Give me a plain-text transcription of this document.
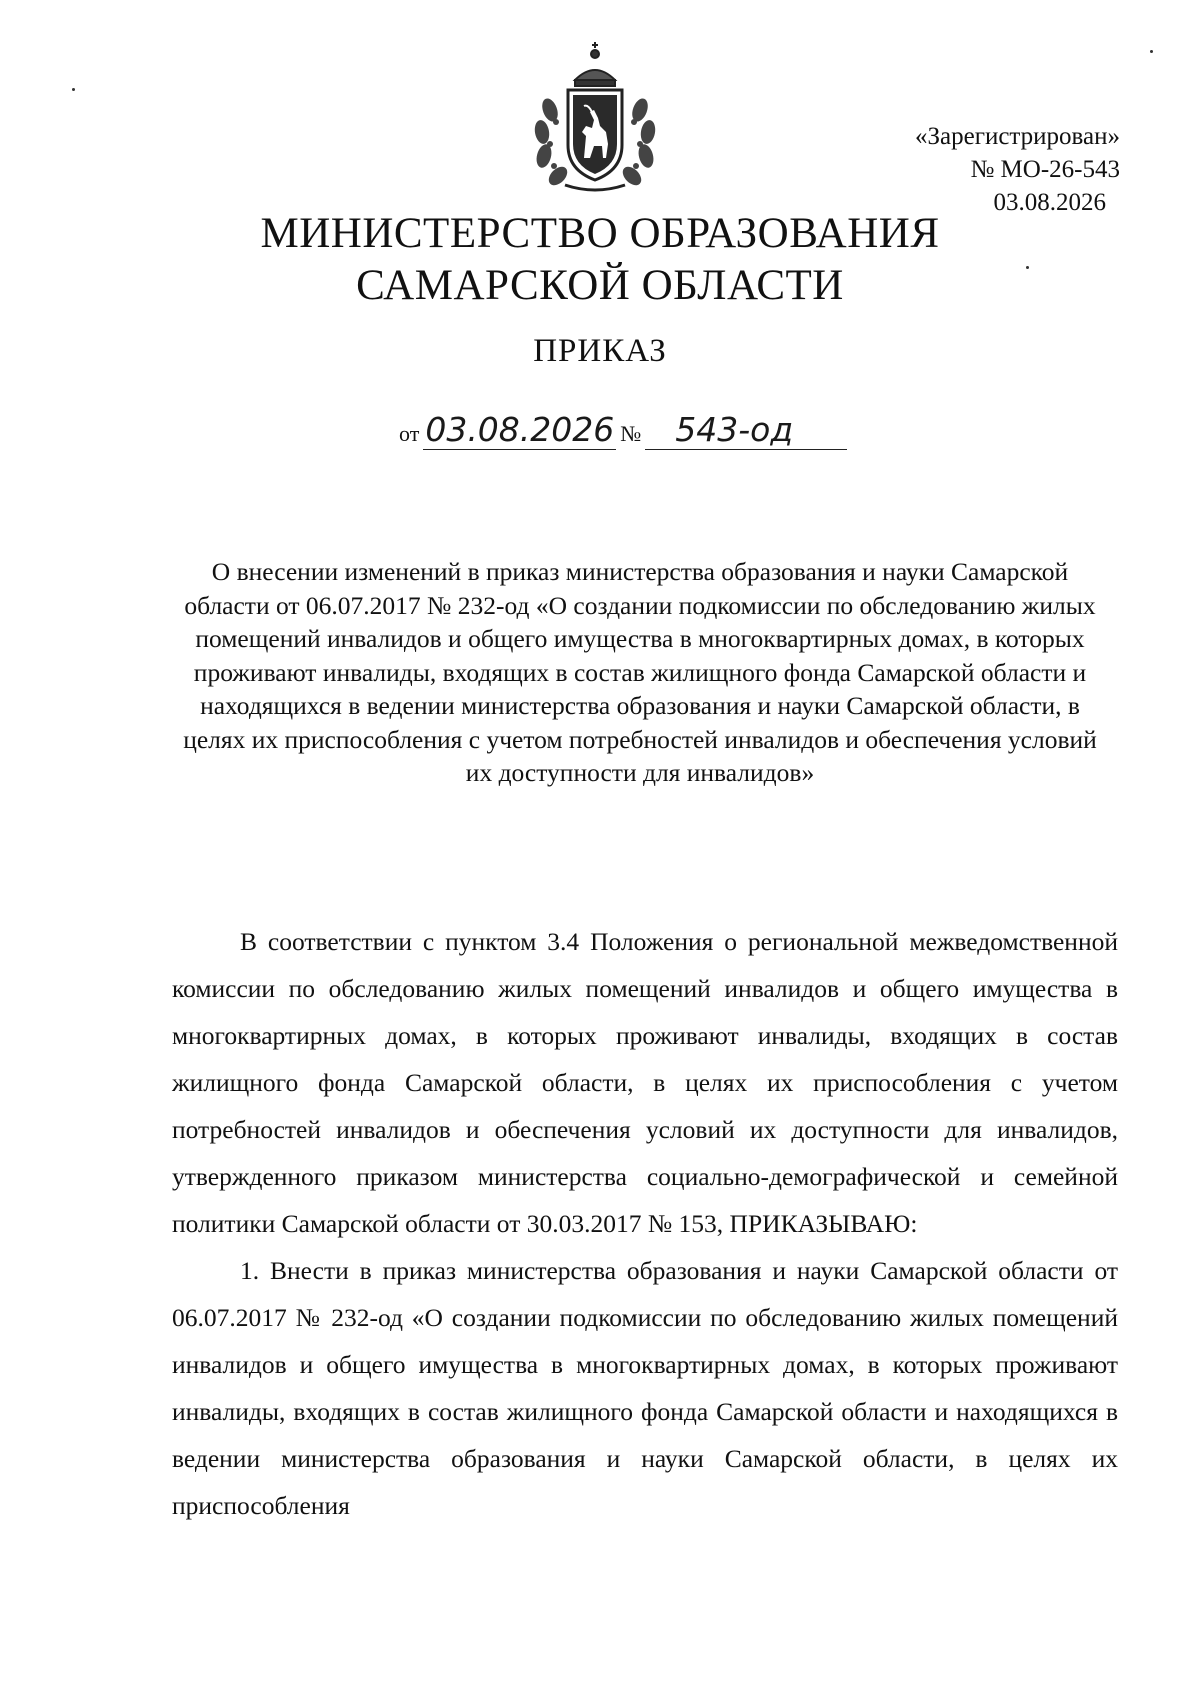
«Зарегистрирован»
№ МО-26-543
03.08.2026
МИНИСТЕРСТВО ОБРАЗОВАНИЯ
САМАРСКОЙ ОБЛАСТИ
ПРИКАЗ
от 03.08.2026 № 543-од
О внесении изменений в приказ министерства образования и науки Самарской области от 06.07.2017 № 232-од «О создании подкомиссии по обследованию жилых помещений инвалидов и общего имущества в многоквартирных домах, в которых проживают инвалиды, входящих в состав жилищного фонда Самарской области и находящихся в ведении министерства образования и науки Самарской области, в целях их приспособления с учетом потребностей инвалидов и обеспечения условий их доступности для инвалидов»

В соответствии с пунктом 3.4 Положения о региональной межведомственной комиссии по обследованию жилых помещений инвалидов и общего имущества в многоквартирных домах, в которых проживают инвалиды, входящих в состав жилищного фонда Самарской области, в целях их приспособления с учетом потребностей инвалидов и обеспечения условий их доступности для инвалидов, утвержденного приказом министерства социально-демографической и семейной политики Самарской области от 30.03.2017 № 153, ПРИКАЗЫВАЮ:

1. Внести в приказ министерства образования и науки Самарской области от 06.07.2017 № 232-од «О создании подкомиссии по обследованию жилых помещений инвалидов и общего имущества в многоквартирных домах, в которых проживают инвалиды, входящих в состав жилищного фонда Самарской области и находящихся в ведении министерства образования и науки Самарской области, в целях их приспособления
